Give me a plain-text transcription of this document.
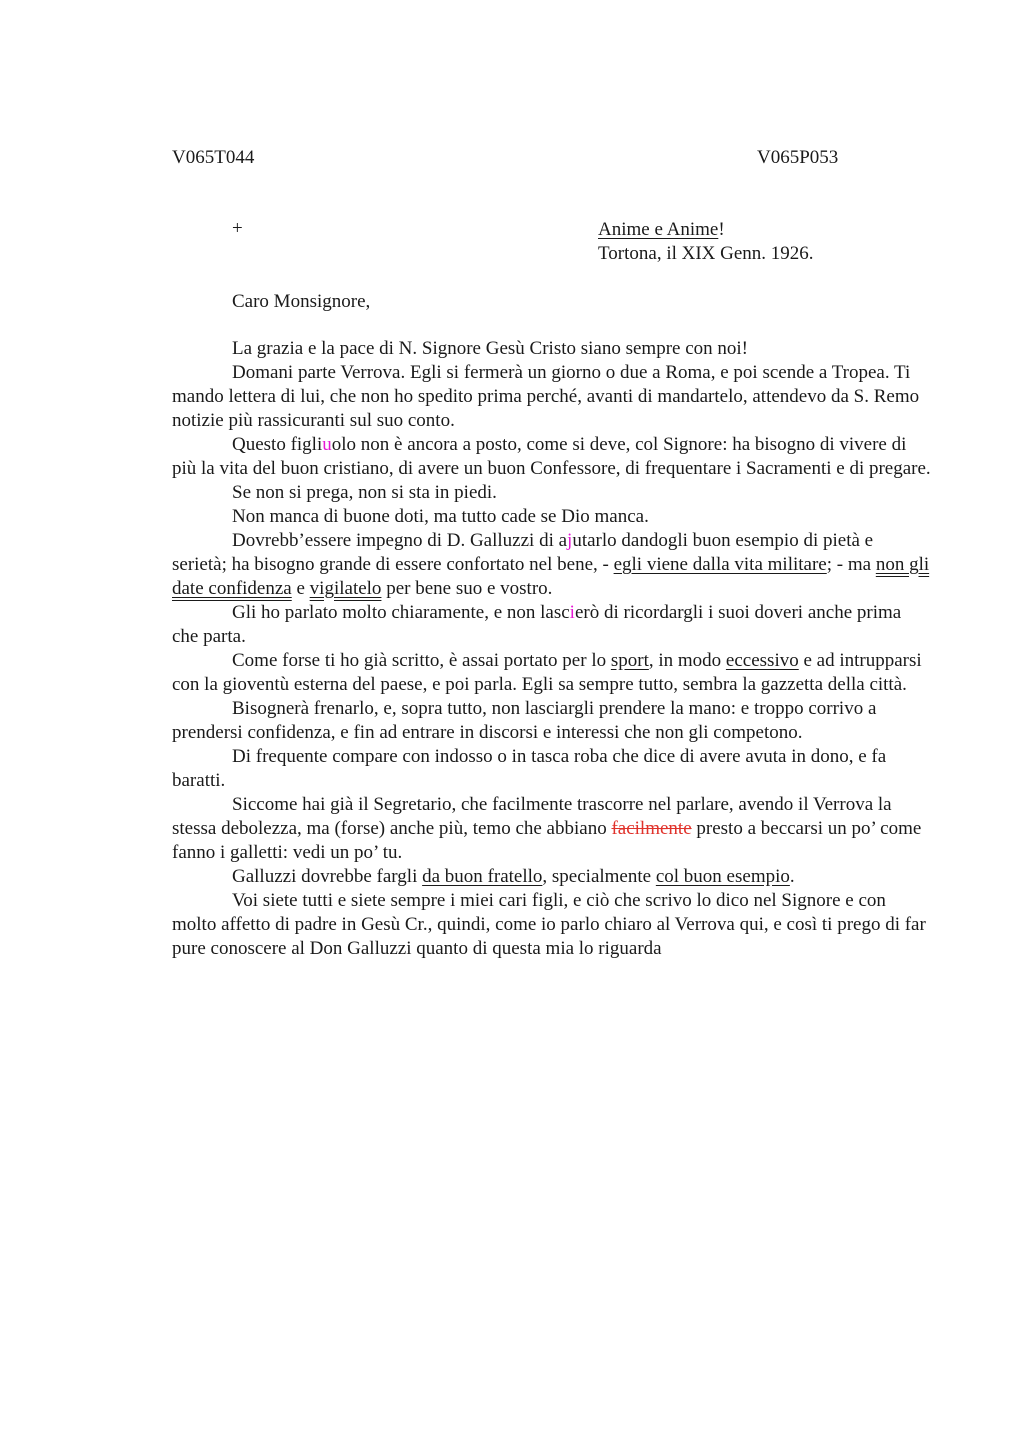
V065T044	V065P053
+	Anime e Anime!
Tortona, il XIX Genn. 1926.
Caro Monsignore,

La grazia e la pace di N. Signore Gesù Cristo siano sempre con noi!

Domani parte Verrova. Egli si fermerà un giorno o due a Roma, e poi scende a Tropea. Ti mando lettera di lui, che non ho spedito prima perché, avanti di mandartelo, attendevo da S. Remo notizie più rassicuranti sul suo conto.

Questo figliuolo non è ancora a posto, come si deve, col Signore: ha bisogno di vivere di più la vita del buon cristiano, di avere un buon Confessore, di frequentare i Sacramenti e di pregare.

Se non si prega, non si sta in piedi.

Non manca di buone doti, ma tutto cade se Dio manca.

Dovrebb’essere impegno di D. Galluzzi di ajutarlo dandogli buon esempio di pietà e serietà; ha bisogno grande di essere confortato nel bene, - egli viene dalla vita militare; - ma non gli date confidenza e vigilatelo per bene suo e vostro.

Gli ho parlato molto chiaramente, e non lascierò di ricordargli i suoi doveri anche prima che parta.

Come forse ti ho già scritto, è assai portato per lo sport, in modo eccessivo e ad intrupparsi con la gioventù esterna del paese, e poi parla. Egli sa sempre tutto, sembra la gazzetta della città.

Bisognerà frenarlo, e, sopra tutto, non lasciargli prendere la mano: e troppo corrivo a prendersi confidenza, e fin ad entrare in discorsi e interessi che non gli competono.

Di frequente compare con indosso o in tasca roba che dice di avere avuta in dono, e fa baratti.

Siccome hai già il Segretario, che facilmente trascorre nel parlare, avendo il Verrova la stessa debolezza, ma (forse) anche più, temo che abbiano facilmente presto a beccarsi un po’ come fanno i galletti: vedi un po’ tu.

Galluzzi dovrebbe fargli da buon fratello, specialmente col buon esempio.

Voi siete tutti e siete sempre i miei cari figli, e ciò che scrivo lo dico nel Signore e con molto affetto di padre in Gesù Cr., quindi, come io parlo chiaro al Verrova qui, e così ti prego di far pure conoscere al Don Galluzzi quanto di questa mia lo riguarda
